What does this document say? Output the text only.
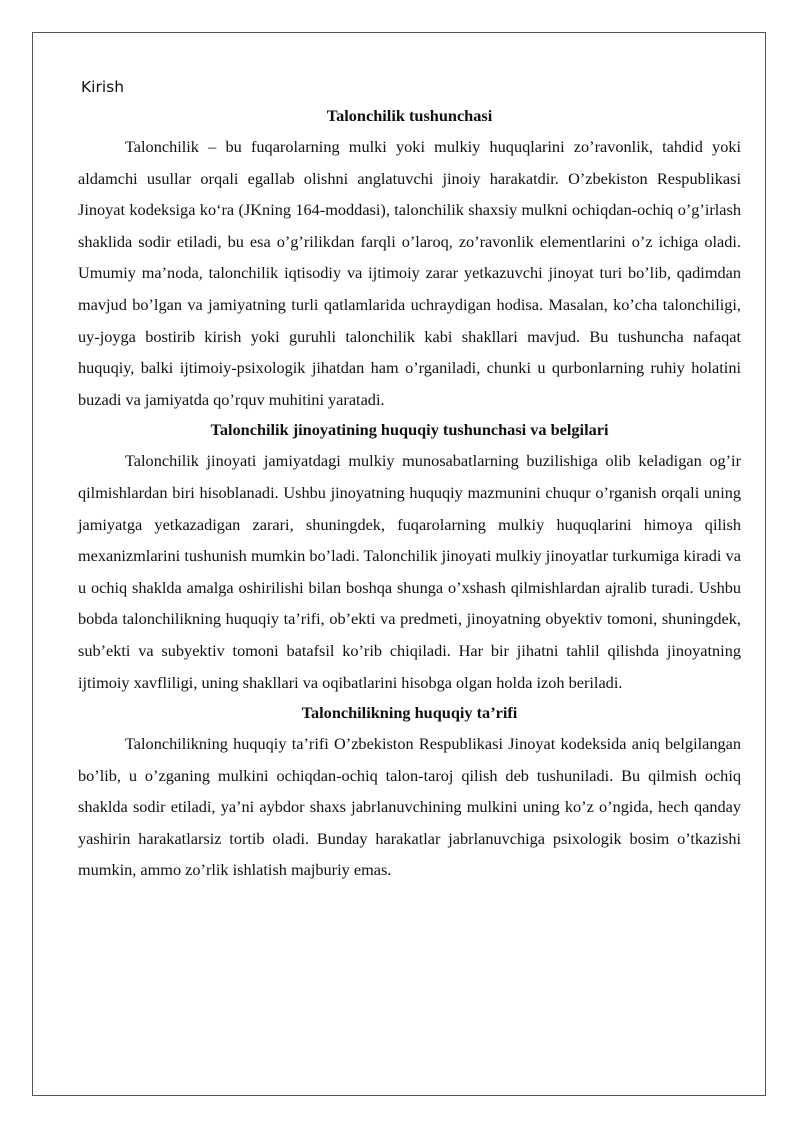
Kirish
Talonchilik tushunchasi

Talonchilik – bu fuqarolarning mulki yoki mulkiy huquqlarini zo’ravonlik, tahdid yoki aldamchi usullar orqali egallab olishni anglatuvchi jinoiy harakatdir. O’zbekiston Respublikasi Jinoyat kodeksiga koʻra (JKning 164-moddasi), talonchilik shaxsiy mulkni ochiqdan-ochiq o’g’irlash shaklida sodir etiladi, bu esa o’g’rilikdan farqli o’laroq, zo’ravonlik elementlarini o’z ichiga oladi. Umumiy ma’noda, talonchilik iqtisodiy va ijtimoiy zarar yetkazuvchi jinoyat turi bo’lib, qadimdan mavjud bo’lgan va jamiyatning turli qatlamlarida uchraydigan hodisa. Masalan, ko’cha talonchiligi, uy-joyga bostirib kirish yoki guruhli talonchilik kabi shakllari mavjud. Bu tushuncha nafaqat huquqiy, balki ijtimoiy-psixologik jihatdan ham o’rganiladi, chunki u qurbonlarning ruhiy holatini buzadi va jamiyatda qo’rquv muhitini yaratadi.

Talonchilik jinoyatining huquqiy tushunchasi va belgilari

Talonchilik jinoyati jamiyatdagi mulkiy munosabatlarning buzilishiga olib keladigan og’ir qilmishlardan biri hisoblanadi. Ushbu jinoyatning huquqiy mazmunini chuqur o’rganish orqali uning jamiyatga yetkazadigan zarari, shuningdek, fuqarolarning mulkiy huquqlarini himoya qilish mexanizmlarini tushunish mumkin bo’ladi. Talonchilik jinoyati mulkiy jinoyatlar turkumiga kiradi va u ochiq shaklda amalga oshirilishi bilan boshqa shunga o’xshash qilmishlardan ajralib turadi. Ushbu bobda talonchilikning huquqiy ta’rifi, ob’ekti va predmeti, jinoyatning obyektiv tomoni, shuningdek, sub’ekti va subyektiv tomoni batafsil ko’rib chiqiladi. Har bir jihatni tahlil qilishda jinoyatning ijtimoiy xavfliligi, uning shakllari va oqibatlarini hisobga olgan holda izoh beriladi.

Talonchilikning huquqiy ta’rifi

Talonchilikning huquqiy ta’rifi O’zbekiston Respublikasi Jinoyat kodeksida aniq belgilangan bo’lib, u o’zganing mulkini ochiqdan-ochiq talon-taroj qilish deb tushuniladi. Bu qilmish ochiq shaklda sodir etiladi, ya’ni aybdor shaxs jabrlanuvchining mulkini uning ko’z o’ngida, hech qanday yashirin harakatlarsiz tortib oladi. Bunday harakatlar jabrlanuvchiga psixologik bosim o’tkazishi mumkin, ammo zo’rlik ishlatish majburiy emas.
